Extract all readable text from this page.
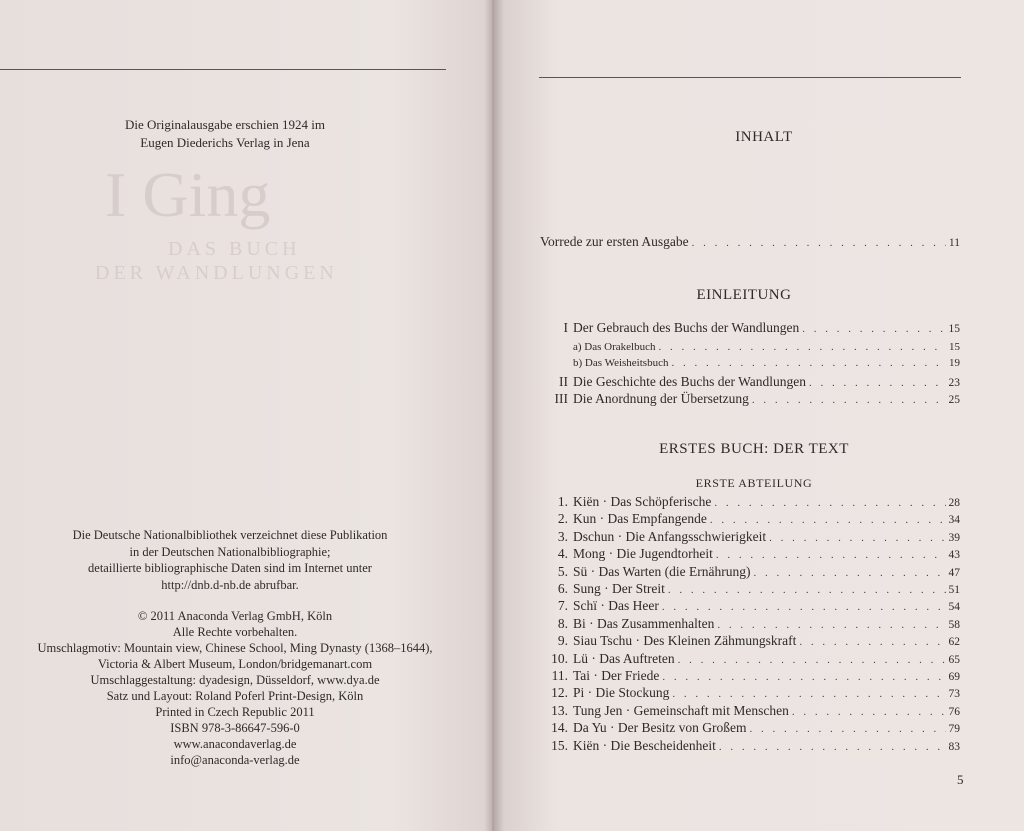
I Ging
DAS BUCH
DER WANDLUNGEN
Die Originalausgabe erschien 1924 im
Eugen Diederichs Verlag in Jena
Die Deutsche Nationalbibliothek verzeichnet diese Publikation
in der Deutschen Nationalbibliographie;
detaillierte bibliographische Daten sind im Internet unter
http://dnb.d-nb.de abrufbar.
© 2011 Anaconda Verlag GmbH, Köln
Alle Rechte vorbehalten.
Umschlagmotiv: Mountain view, Chinese School, Ming Dynasty (1368–1644),
Victoria & Albert Museum, London/bridgemanart.com
Umschlaggestaltung: dyadesign, Düsseldorf, www.dya.de
Satz und Layout: Roland Poferl Print-Design, Köln
Printed in Czech Republic 2011
ISBN 978-3-86647-596-0
www.anacondaverlag.de
info@anaconda-verlag.de
INHALT
Vorrede zur ersten Ausgabe . . .	11
EINLEITUNG
I Der Gebrauch des Buchs der Wandlungen . . .	15
a) Das Orakelbuch . . .	15
b) Das Weisheitsbuch . . .	19
II Die Geschichte des Buchs der Wandlungen . . .	23
III Die Anordnung der Übersetzung . . .	25
ERSTES BUCH: DER TEXT
ERSTE ABTEILUNG
1. Kiën · Das Schöpferische . . .	28
2. Kun · Das Empfangende . . .	34
3. Dschun · Die Anfangsschwierigkeit . . .	39
4. Mong · Die Jugendtorheit . . .	43
5. Sü · Das Warten (die Ernährung) . . .	47
6. Sung · Der Streit . . .	51
7. Schï · Das Heer . . .	54
8. Bi · Das Zusammenhalten . . .	58
9. Siau Tschu · Des Kleinen Zähmungskraft . . .	62
10. Lü · Das Auftreten . . .	65
11. Tai · Der Friede . . .	69
12. Pi · Die Stockung . . .	73
13. Tung Jen · Gemeinschaft mit Menschen . . .	76
14. Da Yu · Der Besitz von Großem . . .	79
15. Kiën · Die Bescheidenheit . . .	83
5
